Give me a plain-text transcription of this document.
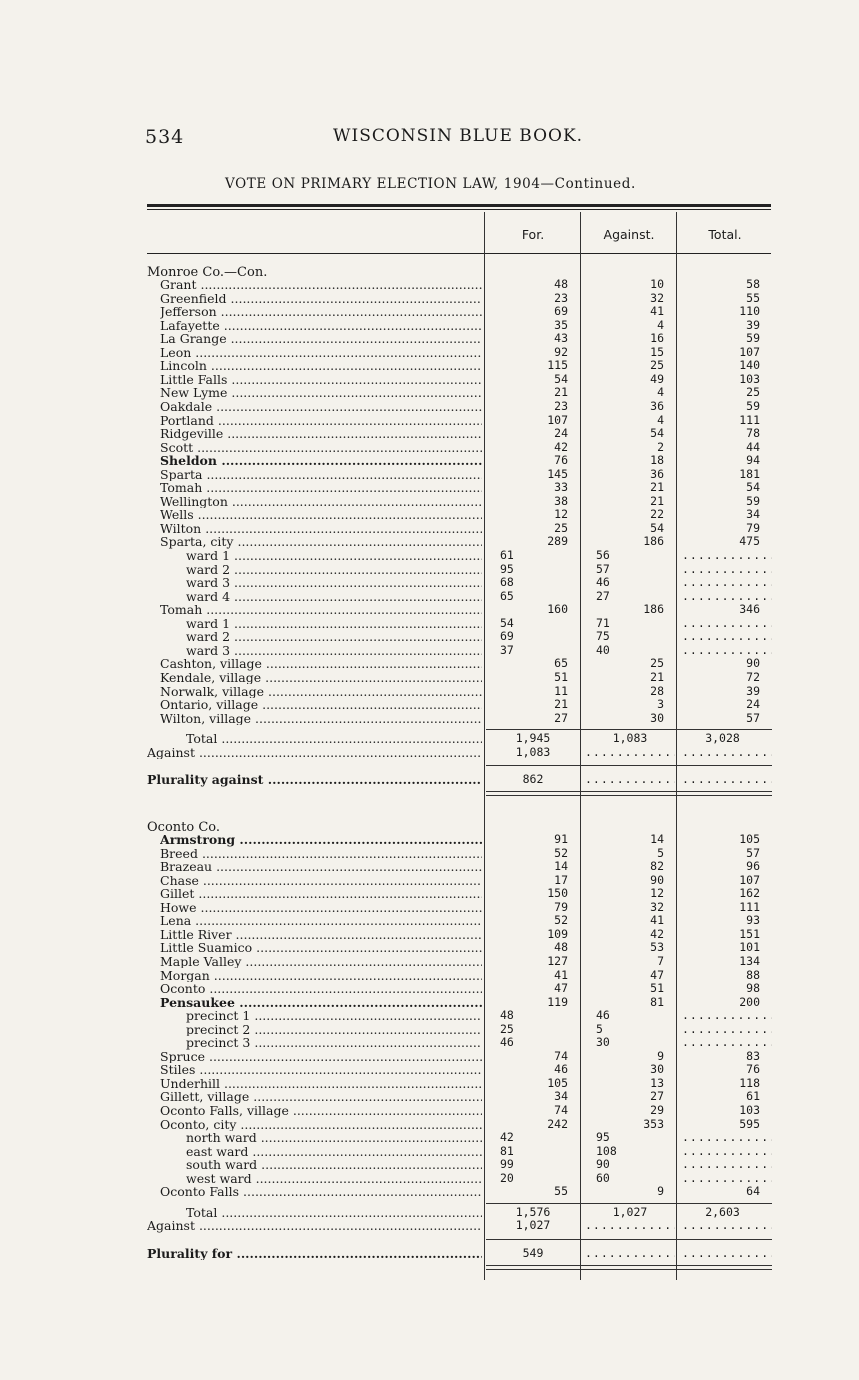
534	WISCONSIN BLUE BOOK.
VOTE ON PRIMARY ELECTION LAW, 1904—Continued.
For.	Against.	Total.
Monroe Co.—Con.
Grant .....	48	10	58
Greenfield .....	23	32	55
Jefferson .....	69	41	110
Lafayette .....	35	4	39
La Grange .....	43	16	59
Leon .....	92	15	107
Lincoln .....	115	25	140
Little Falls .....	54	49	103
New Lyme .....	21	4	25
Oakdale .....	23	36	59
Portland .....	107	4	111
Ridgeville .....	24	54	78
Scott .....	42	2	44
Sheldon .....	76	18	94
Sparta .....	145	36	181
Tomah .....	33	21	54
Wellington .....	38	21	59
Wells .....	12	22	34
Wilton .....	25	54	79
Sparta, city .....	289	186	475
ward 1 .....	61	56
.....
ward 2 .....	95	57
.....
ward 3 .....	68	46
.....
ward 4 .....	65	27
.....
Tomah .....	160	186	346
ward 1 .....	54	71
.....
ward 2 .....	69	75
.....
ward 3 .....	37	40
.....
Cashton, village .....	65	25	90
Kendale, village .....	51	21	72
Norwalk, village .....	11	28	39
Ontario, village .....	21	3	24
Wilton, village .....	27	30	57
Total .....	1,945	1,083	3,028
Against .....	1,083
.....
.....
Plurality against .....	862
.....
.....
Oconto Co.
Armstrong .....	91	14	105
Breed .....	52	5	57
Brazeau .....	14	82	96
Chase .....	17	90	107
Gillet .....	150	12	162
Howe .....	79	32	111
Lena .....	52	41	93
Little River .....	109	42	151
Little Suamico .....	48	53	101
Maple Valley .....	127	7	134
Morgan .....	41	47	88
Oconto .....	47	51	98
Pensaukee .....	119	81	200
precinct 1 .....	48	46
.....
precinct 2 .....	25	5
.....
precinct 3 .....	46	30
.....
Spruce .....	74	9	83
Stiles .....	46	30	76
Underhill .....	105	13	118
Gillett, village .....	34	27	61
Oconto Falls, village .....	74	29	103
Oconto, city .....	242	353	595
north ward .....	42	95
.....
east ward .....	81	108
.....
south ward .....	99	90
.....
west ward .....	20	60
.....
Oconto Falls .....	55	9	64
Total .....	1,576	1,027	2,603
Against .....	1,027
.....
.....
Plurality for .....	549
.....
.....
